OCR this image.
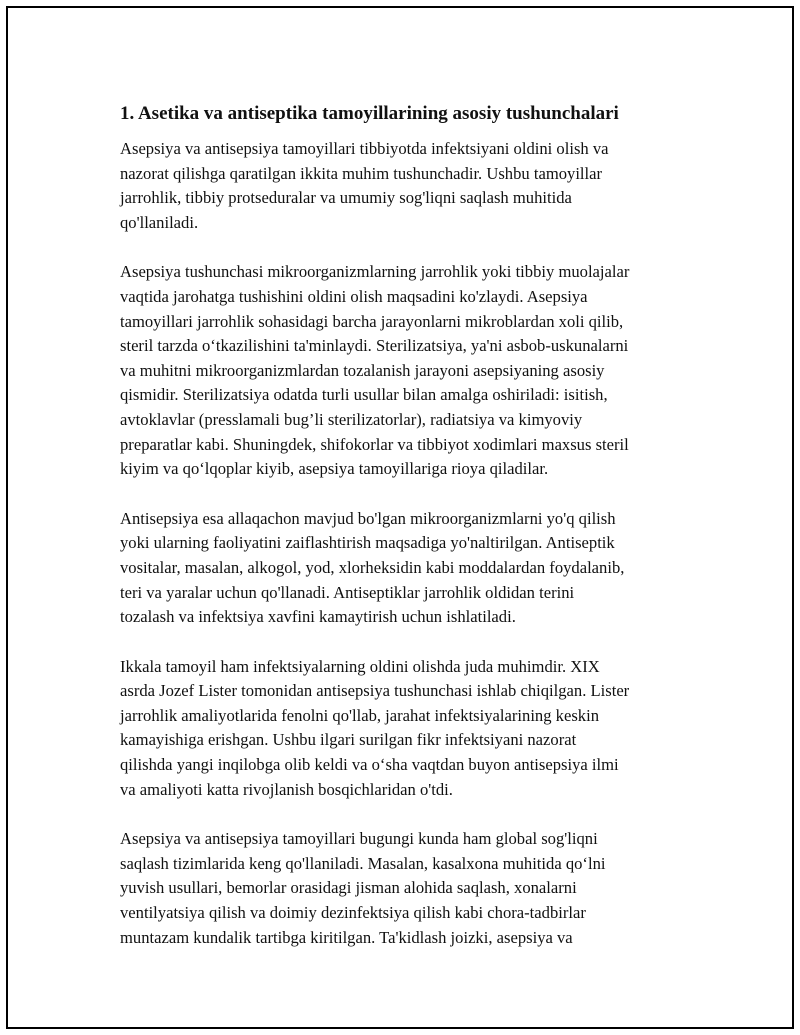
1. Asetika va antiseptika tamoyillarining asosiy tushunchalari

Asepsiya va antisepsiya tamoyillari tibbiyotda infektsiyani oldini olish va
nazorat qilishga qaratilgan ikkita muhim tushunchadir. Ushbu tamoyillar
jarrohlik, tibbiy protseduralar va umumiy sog'liqni saqlash muhitida
qo'llaniladi.

Asepsiya tushunchasi mikroorganizmlarning jarrohlik yoki tibbiy muolajalar
vaqtida jarohatga tushishini oldini olish maqsadini ko'zlaydi. Asepsiya
tamoyillari jarrohlik sohasidagi barcha jarayonlarni mikroblardan xoli qilib,
steril tarzda o‘tkazilishini ta'minlaydi. Sterilizatsiya, ya'ni asbob-uskunalarni
va muhitni mikroorganizmlardan tozalanish jarayoni asepsiyaning asosiy
qismidir. Sterilizatsiya odatda turli usullar bilan amalga oshiriladi: isitish,
avtoklavlar (presslamali bug’li sterilizatorlar), radiatsiya va kimyoviy
preparatlar kabi. Shuningdek, shifokorlar va tibbiyot xodimlari maxsus steril
kiyim va qo‘lqoplar kiyib, asepsiya tamoyillariga rioya qiladilar.

Antisepsiya esa allaqachon mavjud bo'lgan mikroorganizmlarni yo'q qilish
yoki ularning faoliyatini zaiflashtirish maqsadiga yo'naltirilgan. Antiseptik
vositalar, masalan, alkogol, yod, xlorheksidin kabi moddalardan foydalanib,
teri va yaralar uchun qo'llanadi. Antiseptiklar jarrohlik oldidan terini
tozalash va infektsiya xavfini kamaytirish uchun ishlatiladi.

Ikkala tamoyil ham infektsiyalarning oldini olishda juda muhimdir. XIX
asrda Jozef Lister tomonidan antisepsiya tushunchasi ishlab chiqilgan. Lister
jarrohlik amaliyotlarida fenolni qo'llab, jarahat infektsiyalarining keskin
kamayishiga erishgan. Ushbu ilgari surilgan fikr infektsiyani nazorat
qilishda yangi inqilobga olib keldi va o‘sha vaqtdan buyon antisepsiya ilmi
va amaliyoti katta rivojlanish bosqichlaridan o'tdi.

Asepsiya va antisepsiya tamoyillari bugungi kunda ham global sog'liqni
saqlash tizimlarida keng qo'llaniladi. Masalan, kasalxona muhitida qo‘lni
yuvish usullari, bemorlar orasidagi jisman alohida saqlash, xonalarni
ventilyatsiya qilish va doimiy dezinfektsiya qilish kabi chora-tadbirlar
muntazam kundalik tartibga kiritilgan. Ta'kidlash joizki, asepsiya va
